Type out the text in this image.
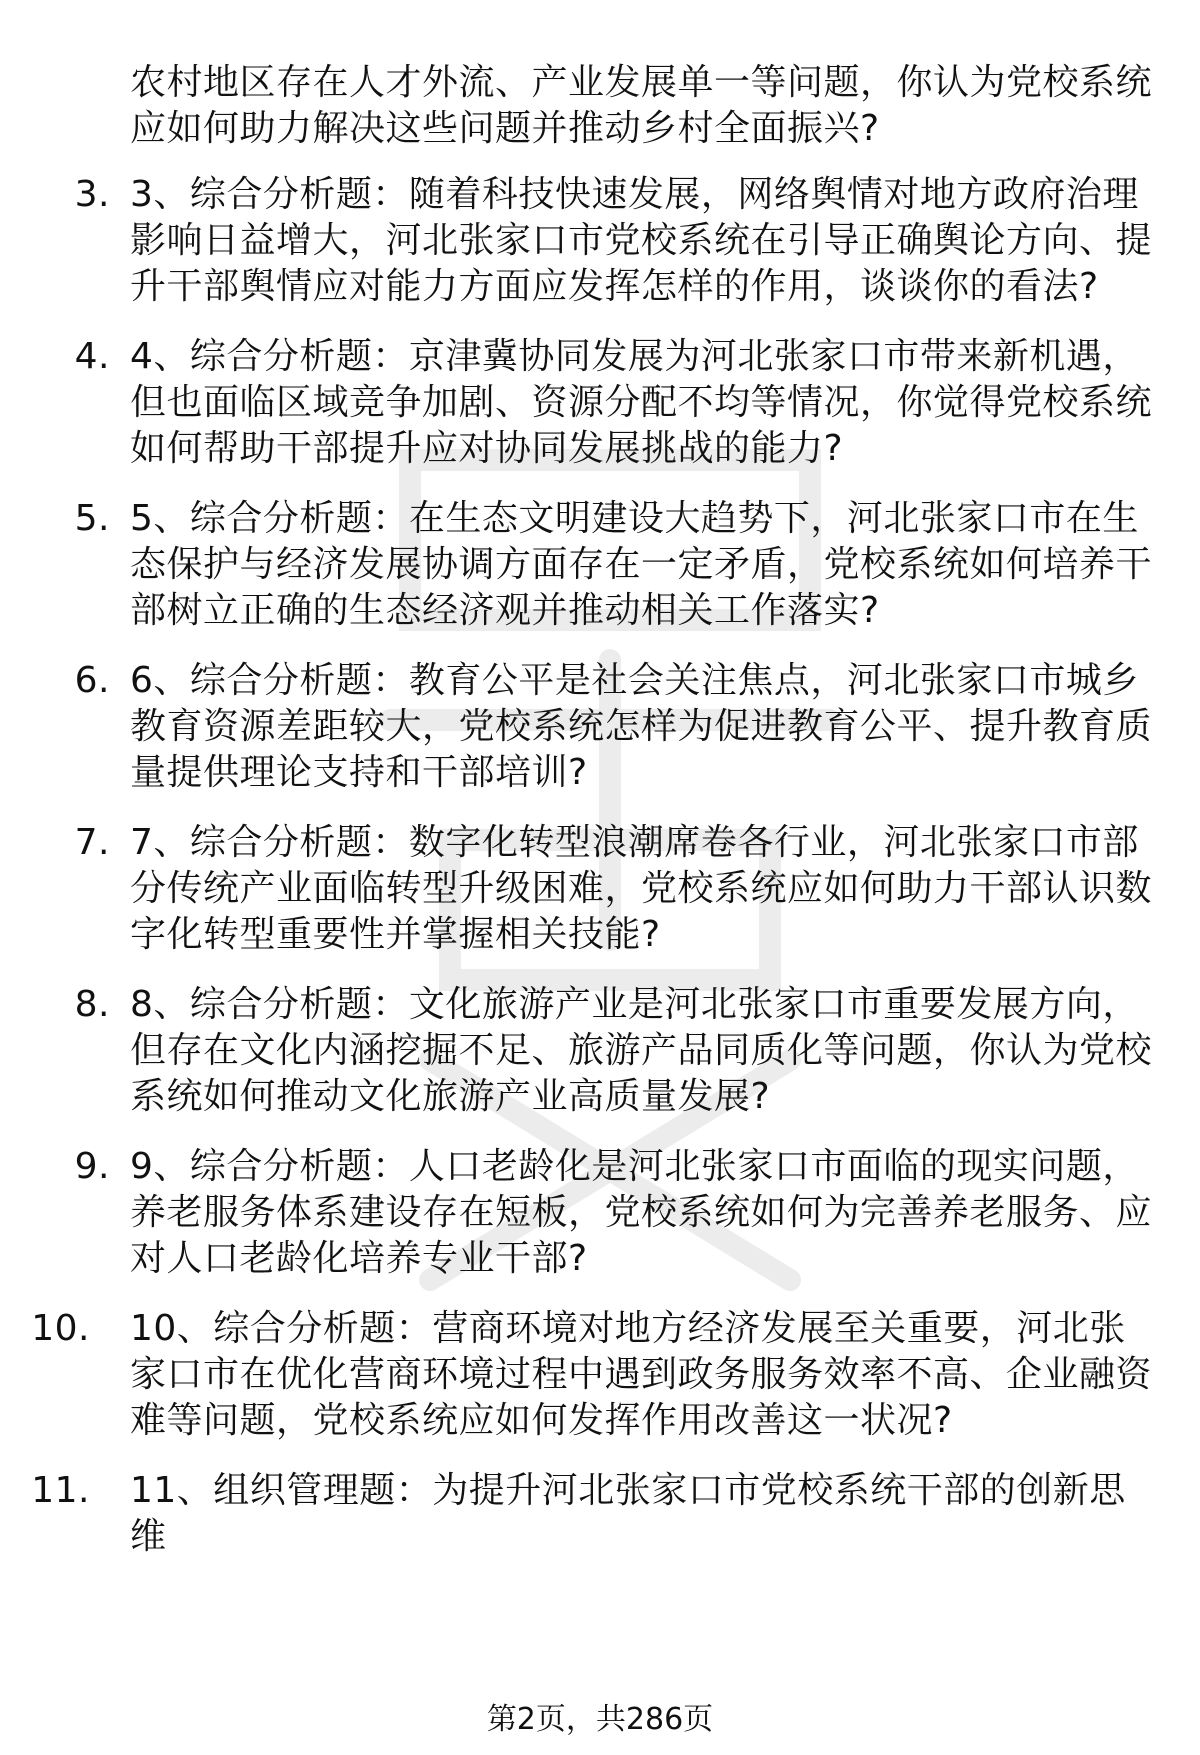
农村地区存在人才外流、产业发展单一等问题，你认为党校系统应如何助力解决这些问题并推动乡村全面振兴?
3. 3、综合分析题：随着科技快速发展，网络舆情对地方政府治理影响日益增大，河北张家口市党校系统在引导正确舆论方向、提升干部舆情应对能力方面应发挥怎样的作用，谈谈你的看法?
4. 4、综合分析题：京津冀协同发展为河北张家口市带来新机遇，但也面临区域竞争加剧、资源分配不均等情况，你觉得党校系统如何帮助干部提升应对协同发展挑战的能力?
5. 5、综合分析题：在生态文明建设大趋势下，河北张家口市在生态保护与经济发展协调方面存在一定矛盾，党校系统如何培养干部树立正确的生态经济观并推动相关工作落实?
6. 6、综合分析题：教育公平是社会关注焦点，河北张家口市城乡教育资源差距较大，党校系统怎样为促进教育公平、提升教育质量提供理论支持和干部培训?
7. 7、综合分析题：数字化转型浪潮席卷各行业，河北张家口市部分传统产业面临转型升级困难，党校系统应如何助力干部认识数字化转型重要性并掌握相关技能?
8. 8、综合分析题：文化旅游产业是河北张家口市重要发展方向，但存在文化内涵挖掘不足、旅游产品同质化等问题，你认为党校系统如何推动文化旅游产业高质量发展?
9. 9、综合分析题：人口老龄化是河北张家口市面临的现实问题，养老服务体系建设存在短板，党校系统如何为完善养老服务、应对人口老龄化培养专业干部?
10. 10、综合分析题：营商环境对地方经济发展至关重要，河北张家口市在优化营商环境过程中遇到政务服务效率不高、企业融资难等问题，党校系统应如何发挥作用改善这一状况?
11. 11、组织管理题：为提升河北张家口市党校系统干部的创新思维
第2页，共286页
